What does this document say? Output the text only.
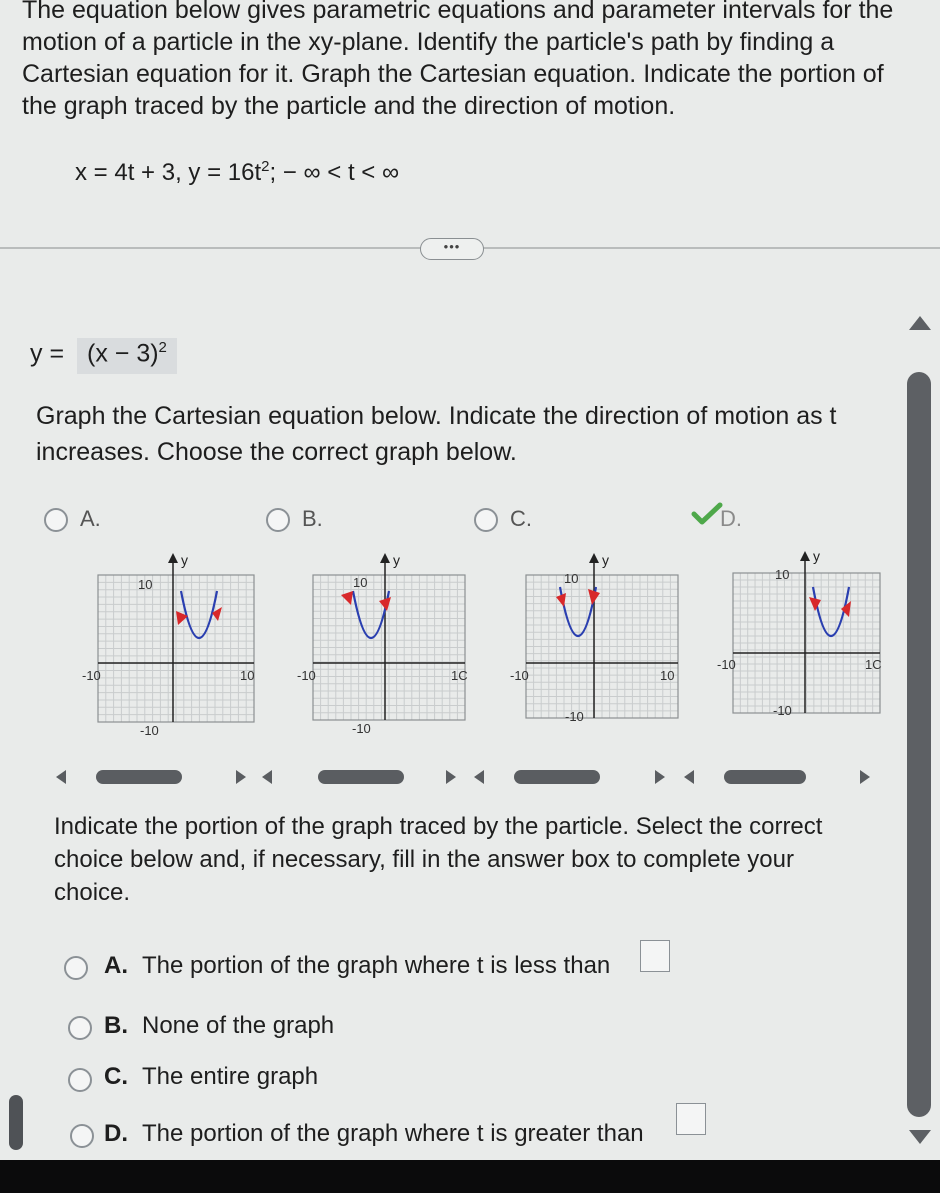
The equation below gives parametric equations and parameter intervals for the motion of a particle in the xy-plane. Identify the particle's path by finding a Cartesian equation for it. Graph the Cartesian equation. Indicate the portion of the graph traced by the particle and the direction of motion.
x = 4t + 3, $y = 16t^2$; − ∞ < t < ∞
•••
$y = (x - 3)^2$
Graph the Cartesian equation below. Indicate the direction of motion as t increases. Choose the correct graph below.
A.	B.	C.	D.
y
10
-10	10
-10
y
10
-10	1C
-10
y
10
-10	10
-10
y
10
-10	1C
-10
Indicate the portion of the graph traced by the particle. Select the correct choice below and, if necessary, fill in the answer box to complete your choice.
A. The portion of the graph where t is less than
B. None of the graph
C. The entire graph
D. The portion of the graph where t is greater than
